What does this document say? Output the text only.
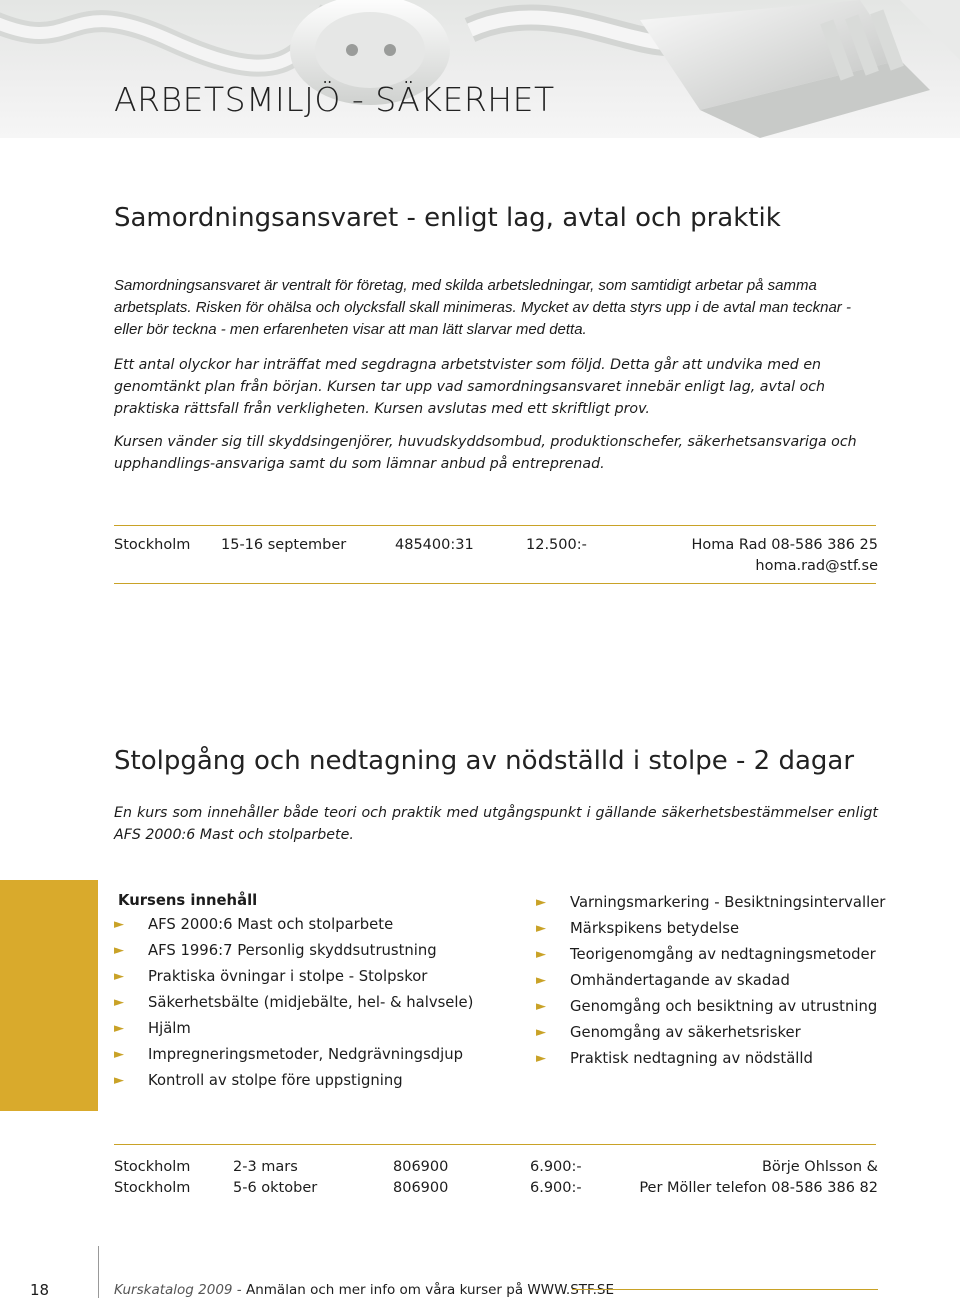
ARBETSMILJÖ - SÄKERHET
Samordningsansvaret - enligt lag, avtal och praktik

Samordningsansvaret är ventralt för företag, med skilda arbetsledningar, som samtidigt arbetar på samma arbetsplats. Risken för ohälsa och olycksfall skall minimeras. Mycket av detta styrs upp i de avtal man tecknar - eller bör teckna - men erfarenheten visar att man lätt slarvar med detta.

Ett antal olyckor har inträffat med segdragna arbetstvister som följd. Detta går att undvika med en genomtänkt plan från början. Kursen tar upp vad samordningsansvaret innebär enligt lag, avtal och praktiska rättsfall från verkligheten. Kursen avslutas med ett skriftligt prov.

Kursen vänder sig till skyddsingenjörer, huvudskyddsombud, produktionschefer, säkerhetsansvariga och upphandlings-ansvariga samt du som lämnar anbud på entreprenad.

Stockholm 15-16 september	485400:31	12.500:-	Homa Rad 08-586 386 25
homa.rad@stf.se
Stolpgång och nedtagning av nödställd i stolpe - 2 dagar

En kurs som innehåller både teori och praktik med utgångspunkt i gällande säkerhetsbestämmelser enligt AFS 2000:6 Mast och stolparbete.

Kursens innehåll
► AFS 2000:6 Mast och stolparbete
► AFS 1996:7 Personlig skyddsutrustning
► Praktiska övningar i stolpe - Stolpskor
► Säkerhetsbälte (midjebälte, hel- & halvsele)
► Hjälm
► Impregneringsmetoder, Nedgrävningsdjup
► Kontroll av stolpe före uppstigning
► Varningsmarkering - Besiktningsintervaller
► Märkspikens betydelse
► Teorigenomgång av nedtagningsmetoder
► Omhändertagande av skadad
► Genomgång och besiktning av utrustning
► Genomgång av säkerhetsrisker
► Praktisk nedtagning av nödställd
Stockholm	2-3 mars	806900	6.900:-	Börje Ohlsson &
Stockholm	5-6 oktober	806900	6.900:-	Per Möller telefon 08-586 386 82
18	Kurskatalog 2009 - Anmälan och mer info om våra kurser på WWW.STF.SE
